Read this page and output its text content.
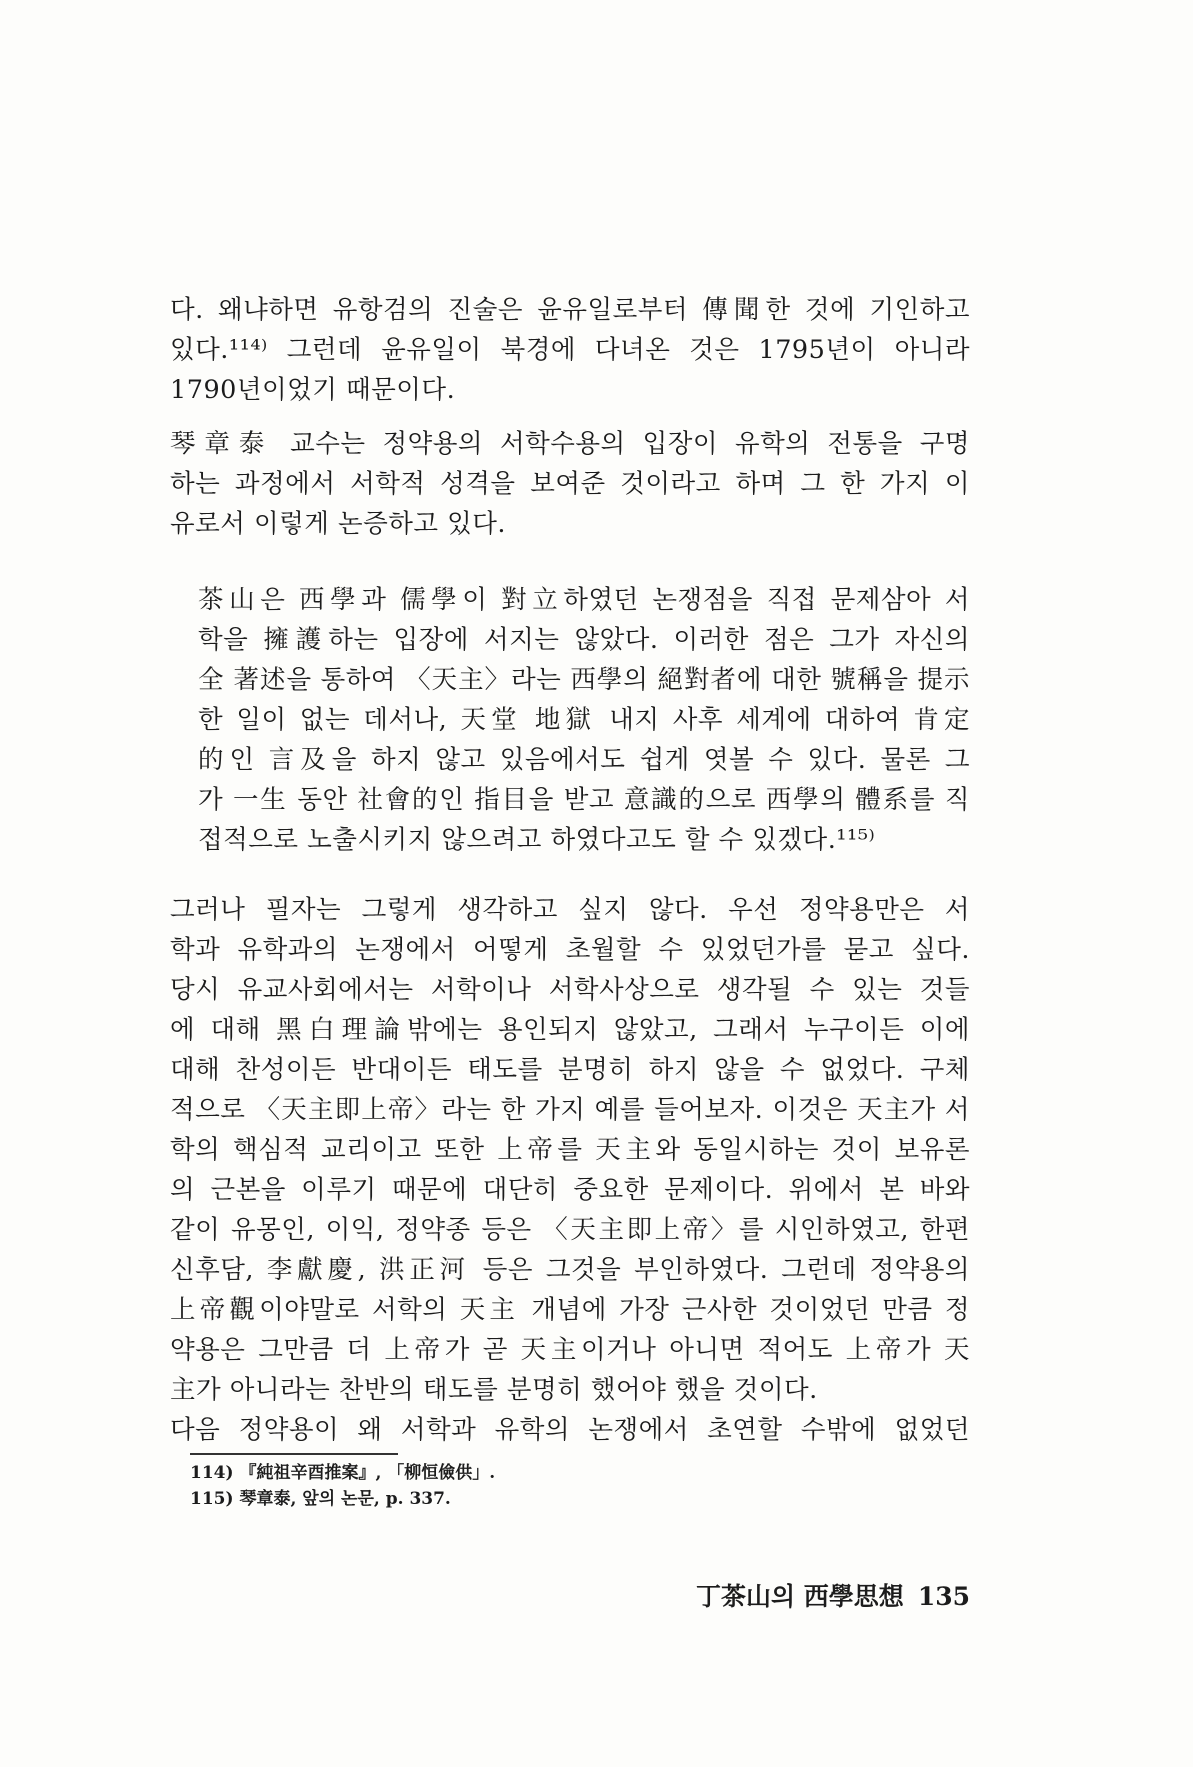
다. 왜냐하면 유항검의 진술은 윤유일로부터 傳聞한 것에 기인하고
있다.¹¹⁴⁾ 그런데 윤유일이 북경에 다녀온 것은 1795년이 아니라
1790년이었기 때문이다.
琴章泰 교수는 정약용의 서학수용의 입장이 유학의 전통을 구명
하는 과정에서 서학적 성격을 보여준 것이라고 하며 그 한 가지 이
유로서 이렇게 논증하고 있다.
茶山은 西學과 儒學이 對立하였던 논쟁점을 직접 문제삼아 서
학을 擁護하는 입장에 서지는 않았다. 이러한 점은 그가 자신의
全 著述을 통하여 〈天主〉라는 西學의 絕對者에 대한 號稱을 提示
한 일이 없는 데서나, 天堂 地獄 내지 사후 세계에 대하여 肯定
的인 言及을 하지 않고 있음에서도 쉽게 엿볼 수 있다. 물론 그
가 一生 동안 社會的인 指目을 받고 意識的으로 西學의 體系를 직
접적으로 노출시키지 않으려고 하였다고도 할 수 있겠다.¹¹⁵⁾
그러나 필자는 그렇게 생각하고 싶지 않다. 우선 정약용만은 서
학과 유학과의 논쟁에서 어떻게 초월할 수 있었던가를 묻고 싶다.
당시 유교사회에서는 서학이나 서학사상으로 생각될 수 있는 것들
에 대해 黑白理論밖에는 용인되지 않았고, 그래서 누구이든 이에
대해 찬성이든 반대이든 태도를 분명히 하지 않을 수 없었다. 구체
적으로 〈天主即上帝〉라는 한 가지 예를 들어보자. 이것은 天主가 서
학의 핵심적 교리이고 또한 上帝를 天主와 동일시하는 것이 보유론
의 근본을 이루기 때문에 대단히 중요한 문제이다. 위에서 본 바와
같이 유몽인, 이익, 정약종 등은 〈天主即上帝〉를 시인하였고, 한편
신후담, 李獻慶, 洪正河 등은 그것을 부인하였다. 그런데 정약용의
上帝觀이야말로 서학의 天主 개념에 가장 근사한 것이었던 만큼 정
약용은 그만큼 더 上帝가 곧 天主이거나 아니면 적어도 上帝가 天
主가 아니라는 찬반의 태도를 분명히 했어야 했을 것이다.
다음 정약용이 왜 서학과 유학의 논쟁에서 초연할 수밖에 없었던
114) 『純祖辛酉推案』, 「柳恒儉供」.
115) 琴章泰, 앞의 논문, p. 337.
丁茶山의 西學思想 135
